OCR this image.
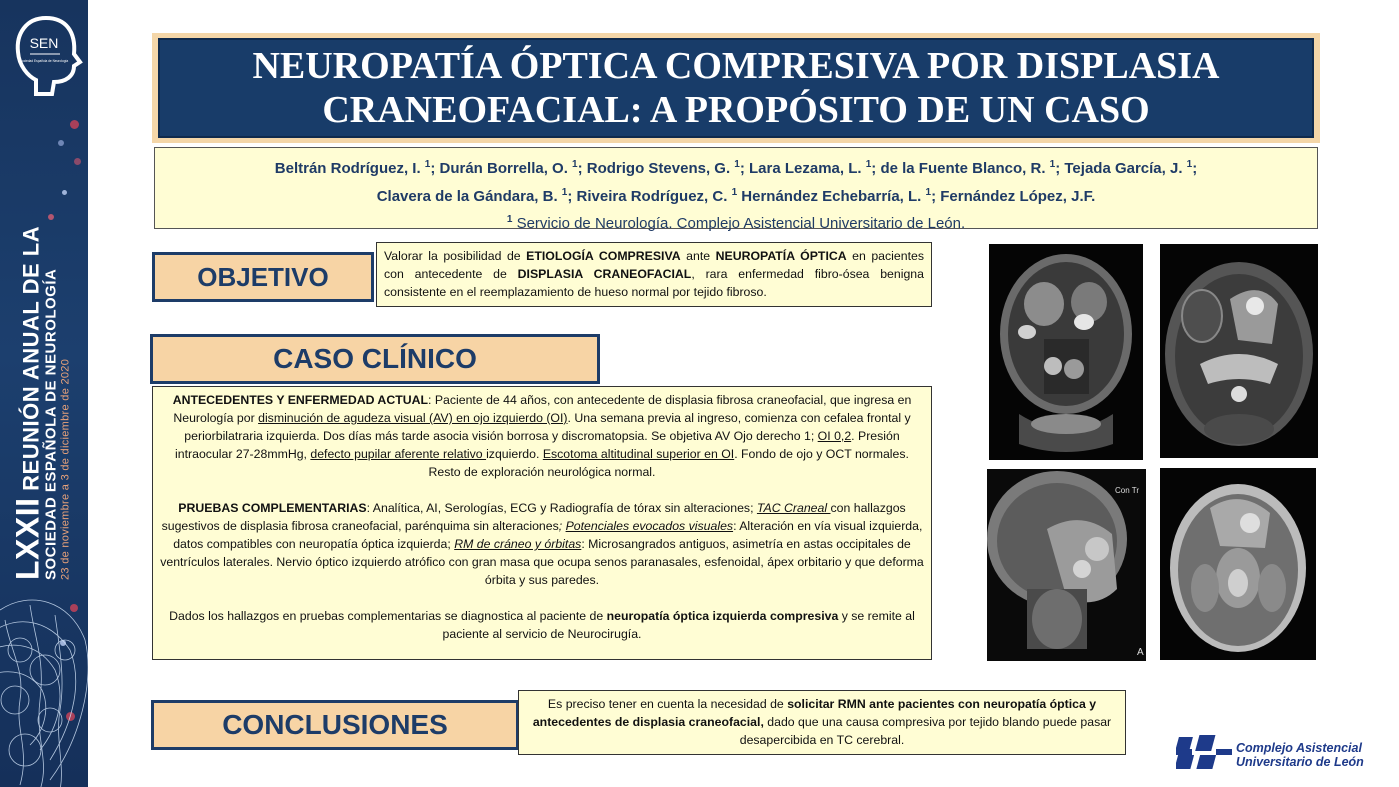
SEN
Sociedad Española de Neurología
LXXII REUNIÓN ANUAL DE LA SOCIEDAD ESPAÑOLA DE NEUROLOGÍA 23 de noviembre a 3 de diciembre de 2020
NEUROPATÍA ÓPTICA COMPRESIVA POR DISPLASIA
CRANEOFACIAL: A PROPÓSITO DE UN CASO
Beltrán Rodríguez, I. $^1$; Durán Borrella, O. $^1$; Rodrigo Stevens, G. $^1$; Lara Lezama, L. $^1$; de la Fuente Blanco, R. $^1$; Tejada García, J. $^1$;
Clavera de la Gándara, B. $^1$; Riveira Rodríguez, C. $^1$ Hernández Echebarría, L. $^1$; Fernández López, J.F.
$^1$ Servicio de Neurología. Complejo Asistencial Universitario de León.
OBJETIVO
Valorar la posibilidad de ETIOLOGÍA COMPRESIVA ante NEUROPATÍA ÓPTICA en pacientes con antecedente de DISPLASIA CRANEOFACIAL, rara enfermedad fibro-ósea benigna consistente en el reemplazamiento de hueso normal por tejido fibroso.
CASO CLÍNICO
ANTECEDENTES Y ENFERMEDAD ACTUAL: Paciente de 44 años, con antecedente de displasia fibrosa craneofacial, que ingresa en Neurología por disminución de agudeza visual (AV) en ojo izquierdo (OI). Una semana previa al ingreso, comienza con cefalea frontal y periorbilatraria izquierda. Dos días más tarde asocia visión borrosa y discromatopsia. Se objetiva AV Ojo derecho 1; OI 0,2. Presión intraocular 27-28mmHg, defecto pupilar aferente relativo izquierdo. Escotoma altitudinal superior en OI. Fondo de ojo y OCT normales. Resto de exploración neurológica normal.
PRUEBAS COMPLEMENTARIAS: Analítica, AI, Serologías, ECG y Radiografía de tórax sin alteraciones; TAC Craneal con hallazgos sugestivos de displasia fibrosa craneofacial, parénquima sin alteraciones; Potenciales evocados visuales: Alteración en vía visual izquierda, datos compatibles con neuropatía óptica izquierda; RM de cráneo y órbitas: Microsangrados antiguos, asimetría en astas occipitales de ventrículos laterales. Nervio óptico izquierdo atrófico con gran masa que ocupa senos paranasales, esfenoidal, ápex orbitario y que deforma órbita y sus paredes.
Dados los hallazgos en pruebas complementarias se diagnostica al paciente de neuropatía óptica izquierda compresiva y se remite al paciente al servicio de Neurocirugía.
Con Tr
A
CONCLUSIONES
Es preciso tener en cuenta la necesidad de solicitar RMN ante pacientes con neuropatía óptica y antecedentes de displasia craneofacial, dado que una causa compresiva por tejido blando puede pasar desapercibida en TC cerebral.
Complejo Asistencial
Universitario de León
